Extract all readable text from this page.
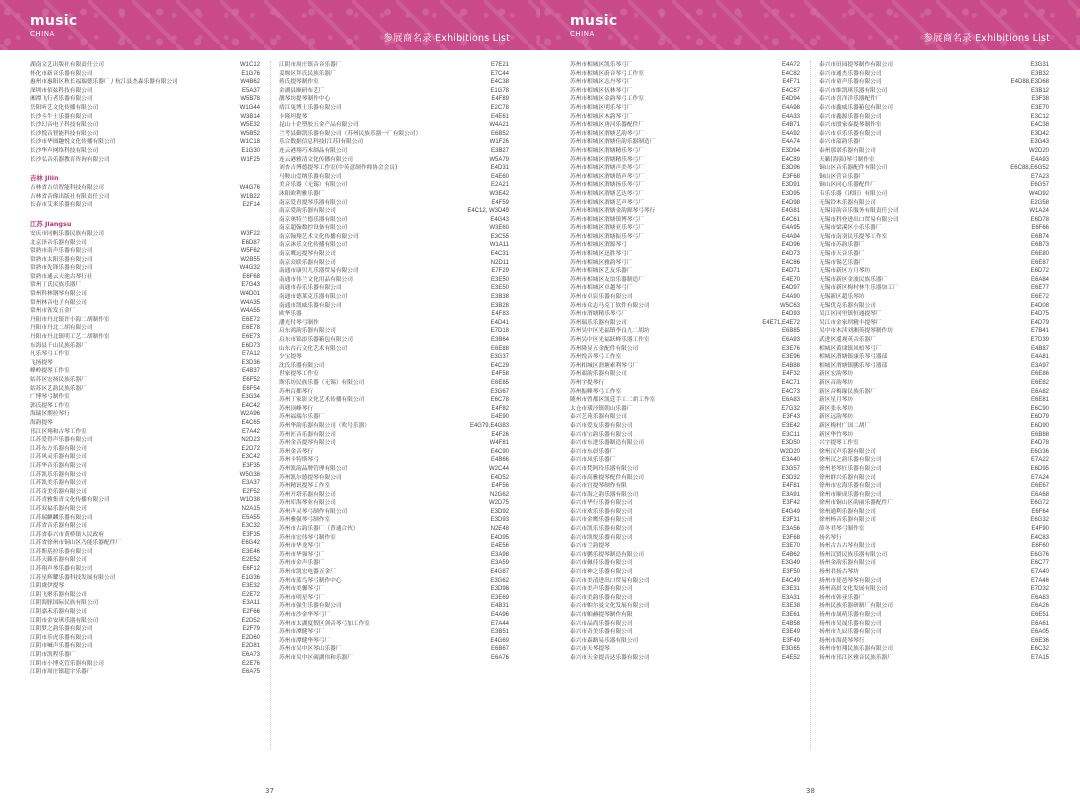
music
CHINA	参展商名录 Exhibitions List
湖南文艺出版社有限责任公司	W1C12
怀化市新音乐器有限公司	E1G76
惠州市惠阳区秋长福瑞德乐器厂 / 杭江县杰森乐器有限公司	W4B62
深圳市佰弦科技有限公司	E5A37
湘潭飞行者乐器有限公司	W5B78
岳阳听艺文化传播有限公司	W1G44
长沙斗牛士乐器有限公司	W3B14
长沙幻音电子科技有限公司	W5E32
长沙悦音智能科技有限公司	W5B52
长沙市华图趣悦文化传播有限公司	W1C18
长沙华声网络科技有限公司	E1G30
长沙弘音乐器教育咨询有限公司	W1F25
吉林 Jilin
吉林省吉信智能科技有限公司	W4G76
吉林省音像出版社有限责任公司	W1B22
长春市艾米乐器有限公司	E2F14
江苏 Jiangsu
安庆市同帆乐器民族有限公司	W3F22
北京泽音乐器有限公司	E6D87
常熟市南声乐器有限公司	W5F62
常熟市太阳乐器有限公司	W2B55
常熟市先锋乐器有限公司	W4G32
常熟市通云天池古琴行社	E6F68
常州丁氏民族乐器厂	E7G43
常州科林钢琴有限公司	W4D01
常州林音电子有限公司	W4A35
常州市雀发五金厂	W4A55
丹阳市丹北镇许小海二胡制作室	E6E72
丹阳市丹北二胡有限公司	E6E78
丹阳市丹北镇明工艺二胡制作室	E6E73
东海县千山民族乐器厂	E6D73
凡乐琴弓工作室	E7A12
飞扬提琴	E3D36
峰岭提琴工作室	E4B37
姑苏区宏扬民族乐器厂	E6F52
姑苏区艺韵民族乐器厂	E6F54
广博琴弓制作室	E3G34
郭氏提琴工作室	E4C42
海瑞区期拉琴行	W2A96
海韵提琴	E4C65
邗江区翔和古琴工作室	E7A42
江苏爱得声乐器有限公司	N2D23
江苏东方乐器有限公司	E2D72
江苏风灵乐器有限公司	E3C42
江苏华音乐器有限公司	E3F35
江苏凯乐乐器有限公司	W5G38
江苏凯美乐器有限公司	E3A37
江苏奇美乐器有限公司	E2F52
江苏青雅集青文化传播有限公司	W1D38
江苏双福乐器有限公司	N2A15
江苏瑞麒麟乐器有限公司	E5A55
江苏省音乐器有限公司	E3C32
江苏省泰兴市黄桥镇人民政府	E3F35
江苏省徐州市铜山区乃能乐器配件厂	E6G42
江苏斯基拉乐器有限公司	E3E46
江苏天籁乐器有限公司	E2E52
江苏翔声琴乐器有限公司	E6F12
江苏星辉耀乐器科技发展有限公司	E1G36
江阴虞伊提琴	E3E32
江阴飞聚乐器有限公司	E2E72
江阴海豚国际民族有限公司	E3A11
江阴嘉禾乐器有限公司	E2F66
江阴市金安琪乐器有限公司	E2D52
江阴梦之韵乐器有限公司	E2F79
江阴市乐虎乐器有限公司	E2D60
江阴市喊声乐器有限公司	E2D81
江阴市凯程乐器厂	E6A73
江阴市小博克管乐器有限公司	E2E76
江阴市周庄镇超宇乐器厂	E6A75
江阴市周庄镇音音乐器厂	E7E21
姜堰区拜氏民族乐器厂	E7C44
蒋氏提琴制作室	E4C38
金湖县顺研布艺厂	E1G78
靓琴坊提琴制作中心	E4F89
靖江兔博士乐器有限公司	E2C78
卡隆坦提琴	E4E61
昆山十企塑胶五金产品有限公司	W4A21
兰考县御凯乐器有限公司（苏州民族乐器一厂有限公司）	E6B52
乐合数据信息科技(江苏)有限公司	W1F26
连云港翔巧木制品有限公司	E3B27
连云港雅清文化传播有限公司	W5A79
刘杏吉博德提琴工作室(中英意制作师协会会员)	E4D31
马鞍山壹纳乐器有限公司	E4E60
美音乐器（无锡）有限公司	E2A21
沐阳欧利雅乐器厂	W3E42
南京爱青提琴乐器有限公司	E4F59
南京爱韵乐器有限公司	E4C12, W3D49
南京奥特兰德乐器有限公司	E4G43
南京超翰数控设备有限公司	W3E60
南京翰翔艺术文化传播有限公司	E3C55
南京沐乐文化传播有限公司	W1A11
南京鹰远提琴有限公司	E4C31
南京众联乐器有限公司	N2D11
南通市康贝儿乐器贸易有限公司	E7F29
南通市伟兰文化用品有限公司	E3E50
南通市春乐乐器有限公司	E3E50
南通市德莱克乐器有限公司	E3B38
南通市凯威乐器有限公司	E3B28
欧华乐器	E4F83
潘光付琴弓制作	E4D41
启东鸿韵乐器有限公司	E7D18
启东市锦添乐器箱包有限公司	E3B64
山东台石文化艺术有限公司	E6E88
少宝提琴	E3G37
沈氏乐器有限公司	E4C29
世家提琴工作室	E4F58
斯乐坊民族乐器（无锡）有限公司	E6E85
苏州百都琴行	E3G67
苏州丁家影文化艺术传播有限公司	E6C78
苏州顶峰琴行	E4F82
苏州福瑞尔乐器厂	E4E90
苏州华韵乐器有限公司（吹号乐器）	E4G79,E4G83
苏州匠音乐器有限公司	E4F26
苏州金音提琴有限公司	W4F81
苏州金音琴行	E4C90
苏州卡特斯琴弓	E4B66
苏州凯韵品牌管理有限公司	W2C44
苏州凯尔德提琴有限公司	E4D52
苏州精讯提琴工作室	E4F56
苏州开塔乐器有限公司	N2G62
苏州库海琴业有限公司	W2D75
苏州声灵琴弓制作有限公司	E3D92
苏州雅强琴弓制作室	E3D93
苏州市古韵乐器厂（普通合伙）	N2E48
苏州市宏伟琴弓制作室	E4D95
苏州市华龙琴弓厂	E4E56
苏州市华强琴弓厂	E3A98
苏州市金声乐器厂	E3A59
苏州市凯宏电器五金厂	E4G87
苏州市蓝鸟琴弓制作中心	E3G62
苏州市美馨琴弓厂	E3D98
苏州市明星琴弓厂	E3E69
苏州市强生乐器有限公司	E4B31
苏州市沙金华琴弓厂	E4A96
苏州市太湖度假区剑音琴弓加工作室	E7A44
苏州市潭健琴弓厂	E3B51
苏州市潭健华琴弓厂	E4G69
苏州市吴中区琴山乐器厂	E6B67
苏州市吴中区砚湖伟和乐器厂	E6A76
37
music
CHINA	参展商名录 Exhibitions List
苏州市相城区凯乐琴弓厂	E4A72
苏州市相城区蔚音琴弓工作室	E4C82
苏州市相城区志丹琴弓厂	E4F71
苏州市相城区伍林琴弓厂	E4C87
苏州市相城区金韵琴弓工作室	E4D94
苏州市相城区明乐琴弓厂	E4A98
苏州市相城区木韵琴弓厂	E4A33
苏州市相城区唐河乐器配件厂	E4B71
苏州市相城区渭塘艺韵琴弓厂	E4A92
苏州市相城区渭塘佳韵乐器制造厂	E4A74
苏州市相城区渭塘精乐琴弓厂	E3D94
苏州市相城区渭塘精乐琴弓厂	E4C89
苏州市相城区渭塘声美琴弓厂	E3D96
苏州市相城区渭塘谐声琴弓厂	E3F68
苏州市相城区渭塘扬乐琴弓厂	E3D91
苏州市相城区渭塘艺达琴弓厂	E3D95
苏州市相城区渭塘艺声琴弓厂	E4D98
苏州市相城区渭塘金韵源琴弓琴行	E4G81
苏州市相城区渭塘镇博琴弓厂	E4C61
苏州市相城区渭塘亚乐琴弓厂	E4A95
苏州市相城区渭塘振乐琴弓厂	E4A94
苏州市相城区渭源琴弓	E4D96
苏州市相城区迅胜琴弓厂	E4D73
苏州市相城区雅韵琴弓厂	E4C86
苏州市相城区艺友乐器厂	E4D71
苏州市相城区友谊乐器制造厂	E4E70
苏州市相城区卓越琴弓厂	E4D97
苏州市卓宸乐器有限公司	E4A90
苏州市众志马克丁软件有限公司	W5C63
苏州市渭塘精乐琴弓厂	E4D93
苏州瑞乐乐器有限公司	E4E71,E4E72
苏州吴中区光福镇李良九二胡坊	E6B85
苏州吴中区光福跃峰乐器工作室	E6A93
苏州隆显五金配件有限公司	E3E76
苏州悦音琴弓工作室	E3E96
苏州相城区渭塘索利琴弓厂	E4B88
苏州艰韵乐器有限公司	E4F32
苏州宇提琴行	E4C71
苏州振峰琴弓工作室	E4C73
随州市曾都区凯廷手工二胡工作室	E6A83
太仓市璜泾镇朝山乐器厂	E7G32
泰兴艺苑乐器有限公司	E3F43
泰兴市爱友乐器有限公司	E3E42
泰兴市宝韵乐器有限公司	E3C11
泰兴市东进乐器制造有限公司	E3D50
泰兴市东晨乐器厂	W2D20
泰兴市凤乐乐器厂	E3A40
泰兴市梵阿玲乐器有限公司	E3G57
泰兴市高雅提琴配件有限公司	E3D32
泰兴市宫提琴制作有限	E4F81
泰兴市海之韵乐器有限公司	E3A91
泰兴市华行乐器有限公司	E3F42
泰兴市欢乐乐器有限公司	E4G49
泰兴市金鹰乐器有限公司	E3F31
泰兴市凯乐乐器有限公司	E3A56
泰兴市凯悦乐器有限公司	E3F68
泰兴市兰韵提琴	E3E70
泰兴市鹏乐提琴制造有限公司	E4B62
泰兴市佩佳乐器有限公司	E3G49
泰兴市神之乐器有限公司	E3F50
泰兴市美清进出口贸易有限公司	E4C49
泰兴市美声乐器有限公司	E3E31
泰兴市美韵乐器有限公司	E3A31
泰兴市帕尔曼文化发展有限公司	E3E38
泰兴市帕赫提琴制作有限	E3E61
泰兴市品尚乐器有限公司	E4B58
泰兴市奇美乐器有限公司	E3E49
泰兴市森路易乐器有限公司	E3F49
泰兴市天琴提琴	E3G65
泰兴市天金提音达乐器有限公司	E4E52
泰兴市田园提琴制作有限公司	E3G31
泰兴市通杰乐器有限公司	E3B32
泰兴市童声乐器有限公司	E4D88,E3D68
泰兴市维凯琪乐器有限公司	E3B12
泰兴市喜洋洋乐器配件厂	E3F38
泰兴市鑫威乐器箱包有限公司	E3E70
泰兴市鑫源乐器有限公司	E3C12
泰兴市殷家泰提琴制作室	E4C38
泰兴市卓乐乐器有限公司	E3D42
泰兴市韶韵乐器厂	E3G43
泰州那诺乐器有限公司	W2D20
天籁(海强)琴弓制作室	E4A93
铜山区音乐器配件有限公司	E6C88,E6G52
铜山区营音乐器厂	E7A23
铜山区同心乐器配件厂	E6G57
韦乐乐器（沭阳）有限公司	W4D92
无锡铃木乐器有限公司	E2G58
无锡诗韵音乐服务有限责任公司	W1A24
无锡市科登进出口贸易有限公司	E6D78
无锡市梁溪区小乐乐器厂	E6F66
无锡市南羽民乐提琴工作室	E6B74
无锡市苏韵乐器厂	E6B73
无锡市天音乐器厂	E6E80
无锡市锡艺乐器厂	E6E87
无锡市新区方月琴坊	E6D72
无锡市新区金波民族乐器厂	E6A84
无锡市新区梅村林生乐器加工厂	E6E77
无锡新区超乐琴坊	E6E72
无锡优克乐器有限公司	E4D08
吴江区同里镇恒通提琴厂	E4D75
吴江市金家坝精丰提琴厂	E4D79
吴中市木渎刘湘英提琴制作坊	E7B41
武进区遥观英音乐器厂	E7D39
相城区黄埭镇凤梧琴弓厂	E4B87
相城区渭塘镇康乐琴弓器部	E4A81
相城区渭塘镇鹏乐琴弓器部	E3A97
新区宏韵琴坊	E6E86
新区音韵琴坊	E6E82
新区音梅缘民族乐器厂	E6A82
新区星月琴坊	E6E81
新区张永琴坊	E6C90
新区远韵琴坊	E6D79
新区梅村广国二胡厂	E6D90
新区华竹琴坊	E6B88
兴宇提琴工作室	E4D78
徐州汉声乐器有限公司	E6G36
徐州汉之韵乐器有限公司	E7A22
徐州老琴匠乐器有限公司	E6D95
徐州群兴乐器有限公司	E7A24
徐州市宏海乐器有限公司	E6E67
徐州市顺成乐器有限公司	E6A68
徐州市铜山区韵丽乐器配件厂	E6G72
徐州通利乐器有限公司	E6F64
徐州杨音乐器有限公司	E6G32
薛冬君琴弓制作室	E4F90
扬名琴行	E4C83
扬州古吉古琴有限公司	E6F60
扬州汉贤民族乐器有限公司	E6G76
扬州金韵乐器有限公司	E6C77
扬州君扬古琴坊	E7A40
扬州市琵琶琴琴有限公司	E7A46
扬州高晨文化发展有限公司	E7D32
扬州市韩亚乐器厂	E6A83
扬州民族乐器研制厂有限公司	E6A26
扬州市晟萌乐器有限公司	E6E51
扬州市吴晟乐器有限公司	E6A61
扬州市九辰乐器有限公司	E6A05
扬州市海琵琴琴行	E6E36
扬州市恒翔民族乐器有限公司	E6C32
扬州市邗江区雅音民族乐器厂	E7A15
38
